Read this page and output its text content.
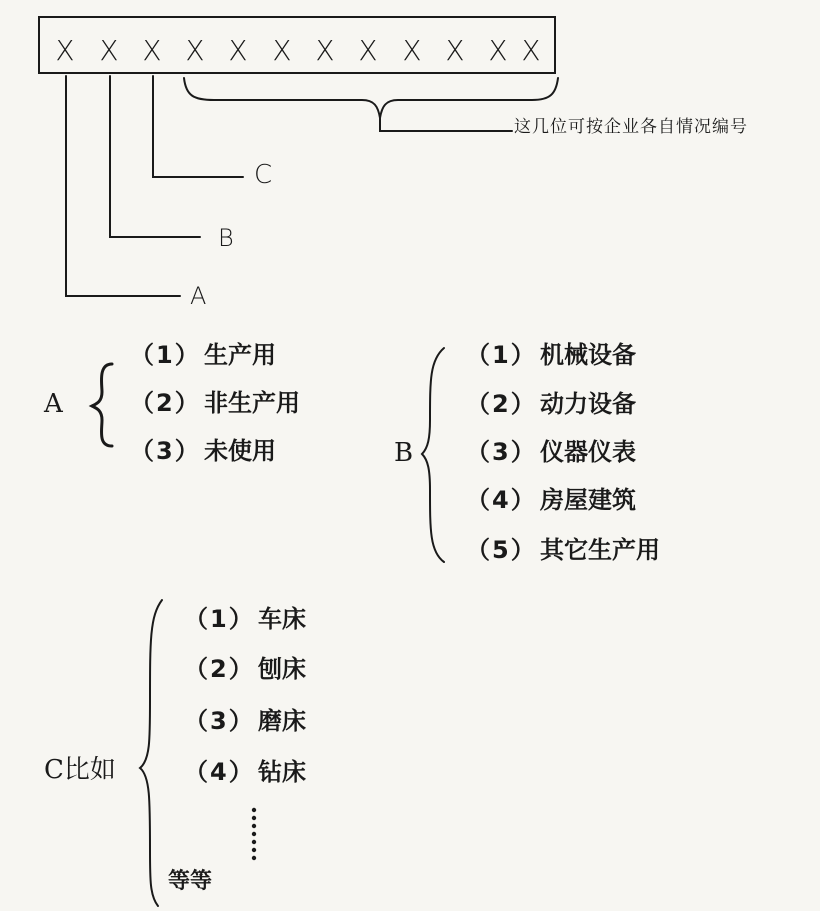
X X X X X X X X X X X X
这几位可按企业各自情况编号
C
B
A
A
（1） 生产用
（2） 非生产用
（3） 未使用	B
（1） 机械设备
（2） 动力设备
（3） 仪器仪表
（4） 房屋建筑
（5） 其它生产用
C比如
（1） 车床
（2） 刨床
（3） 磨床
（4） 钻床
等等
